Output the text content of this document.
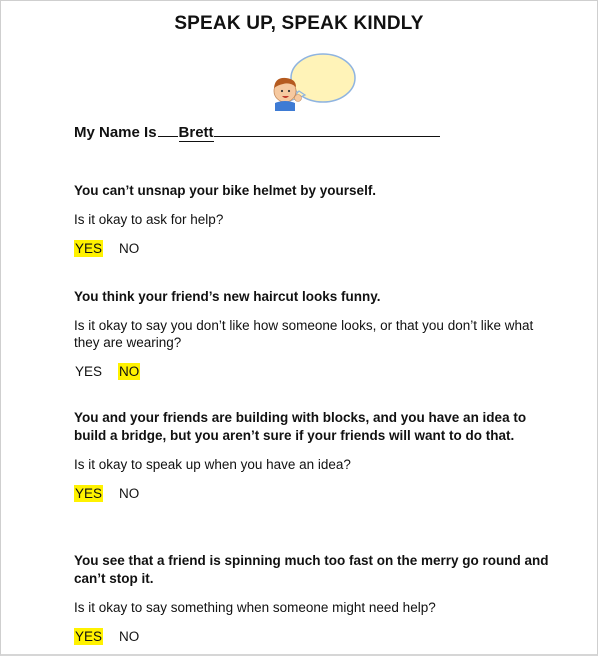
SPEAK UP, SPEAK KINDLY
My Name Is Brett

You can’t unsnap your bike helmet by yourself.

Is it okay to ask for help?

YES NO

You think your friend’s new haircut looks funny.

Is it okay to say you don’t like how someone looks, or that you don’t like what they are wearing?

YES NO

You and your friends are building with blocks, and you have an idea to build a bridge, but you aren’t sure if your friends will want to do that.

Is it okay to speak up when you have an idea?

YES NO

You see that a friend is spinning much too fast on the merry go round and can’t stop it.

Is it okay to say something when someone might need help?

YES NO
